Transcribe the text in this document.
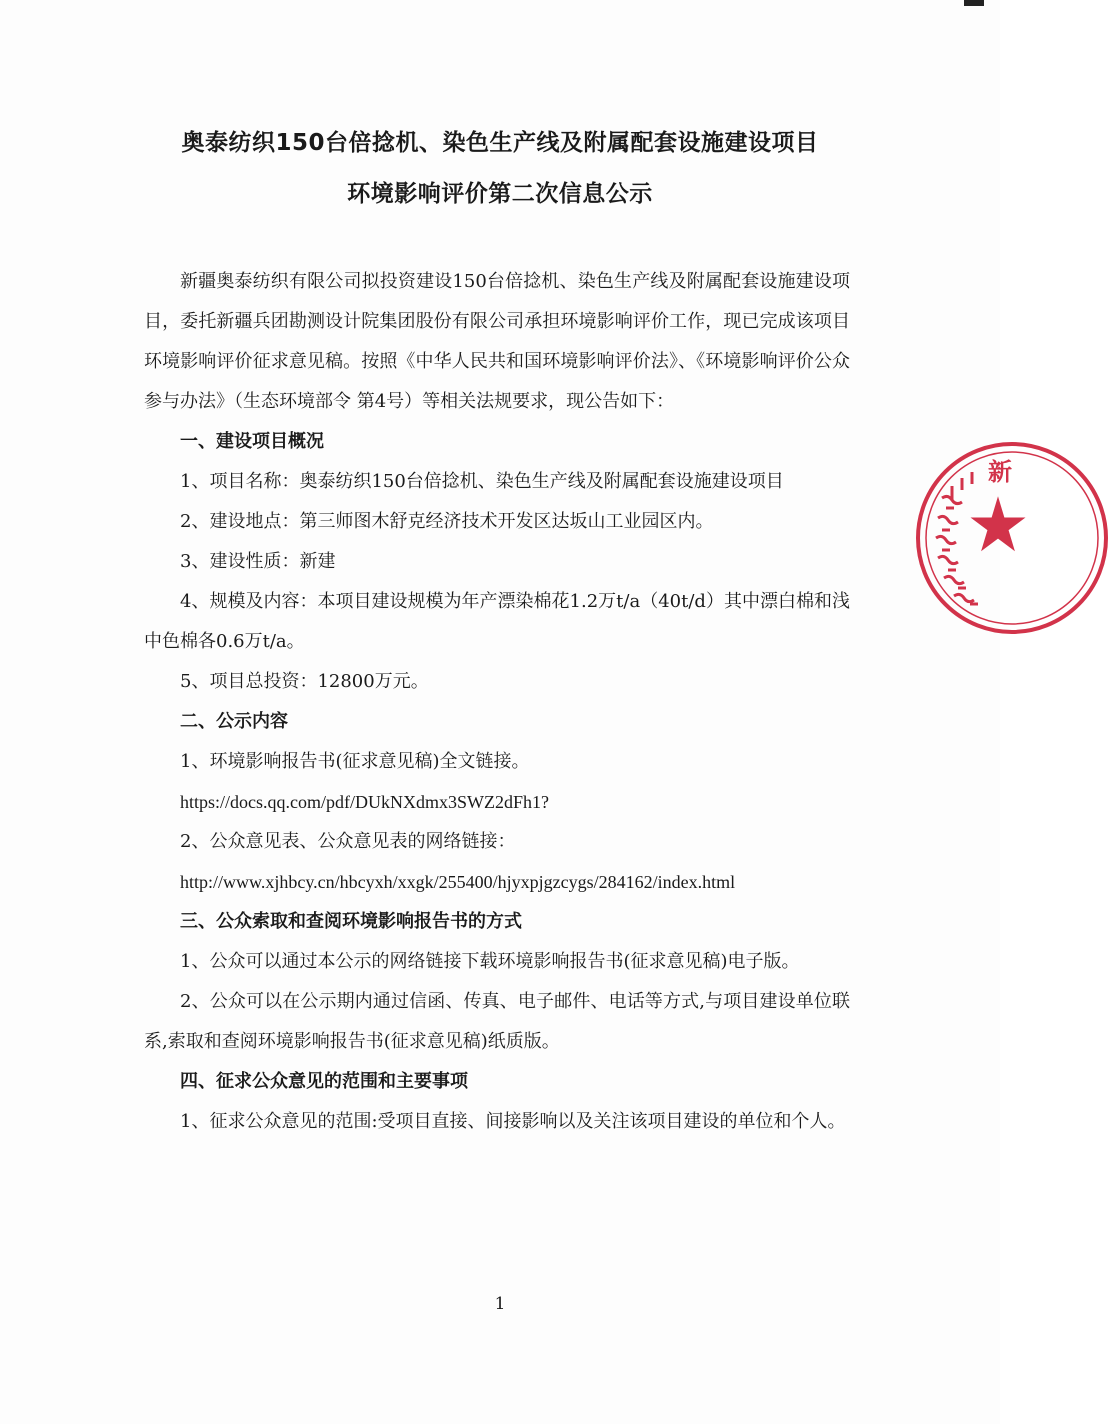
奥泰纺织150台倍捻机、染色生产线及附属配套设施建设项目
环境影响评价第二次信息公示

新疆奥泰纺织有限公司拟投资建设150台倍捻机、染色生产线及附属配套设施建设项目，委托新疆兵团勘测设计院集团股份有限公司承担环境影响评价工作，现已完成该项目环境影响评价征求意见稿。按照《中华人民共和国环境影响评价法》、《环境影响评价公众参与办法》（生态环境部令 第4号）等相关法规要求，现公告如下：

一、建设项目概况

1、项目名称：奥泰纺织150台倍捻机、染色生产线及附属配套设施建设项目

2、建设地点：第三师图木舒克经济技术开发区达坂山工业园区内。

3、建设性质：新建

4、规模及内容：本项目建设规模为年产漂染棉花1.2万t/a（40t/d）其中漂白棉和浅中色棉各0.6万t/a。

5、项目总投资：12800万元。

二、公示内容

1、环境影响报告书(征求意见稿)全文链接。

https://docs.qq.com/pdf/DUkNXdmx3SWZ2dFh1?

2、公众意见表、公众意见表的网络链接：

http://www.xjhbcy.cn/hbcyxh/xxgk/255400/hjyxpjgzcygs/284162/index.html

三、公众索取和查阅环境影响报告书的方式

1、公众可以通过本公示的网络链接下载环境影响报告书(征求意见稿)电子版。

2、公众可以在公示期内通过信函、传真、电子邮件、电话等方式,与项目建设单位联系,索取和查阅环境影响报告书(征求意见稿)纸质版。

四、征求公众意见的范围和主要事项

1、征求公众意见的范围:受项目直接、间接影响以及关注该项目建设的单位和个人。

1
新
